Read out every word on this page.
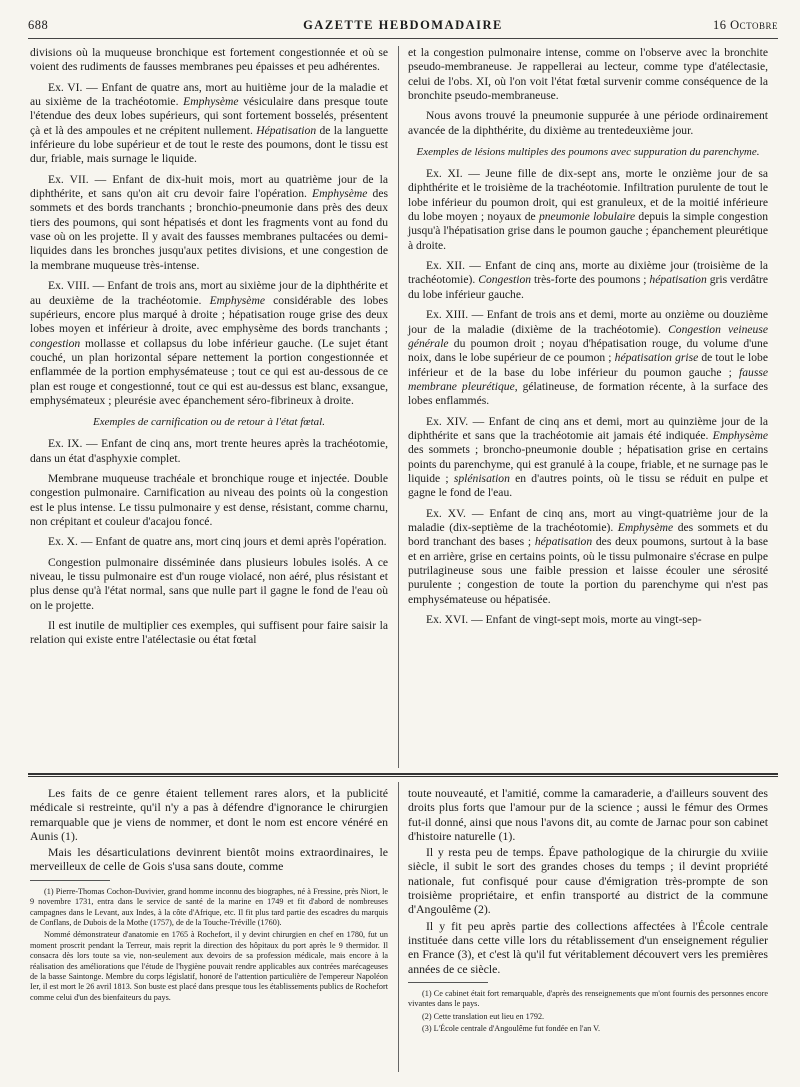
688	GAZETTE HEBDOMADAIRE	16 Octobre

divisions où la muqueuse bronchique est fortement congestionnée et où se voient des rudiments de fausses membranes peu épaisses et peu adhérentes.

Ex. VI. — Enfant de quatre ans, mort au huitième jour de la maladie et au sixième de la trachéotomie. Emphysème vésiculaire dans presque toute l'étendue des deux lobes supérieurs, qui sont fortement bosselés, présentent çà et là des ampoules et ne crépitent nullement. Hépatisation de la languette inférieure du lobe supérieur et de tout le reste des poumons, dont le tissu est dur, friable, mais surnage le liquide.

Ex. VII. — Enfant de dix-huit mois, mort au quatrième jour de la diphthérite, et sans qu'on ait cru devoir faire l'opération. Emphysème des sommets et des bords tranchants ; bronchio-pneumonie dans près des deux tiers des poumons, qui sont hépatisés et dont les fragments vont au fond du vase où on les projette. Il y avait des fausses membranes pultacées ou demi-liquides dans les bronches jusqu'aux petites divisions, et une congestion de la membrane muqueuse très-intense.

Ex. VIII. — Enfant de trois ans, mort au sixième jour de la diphthérite et au deuxième de la trachéotomie. Emphysème considérable des lobes supérieurs, encore plus marqué à droite ; hépatisation rouge grise des deux lobes moyen et inférieur à droite, avec emphysème des bords tranchants ; congestion mollasse et collapsus du lobe inférieur gauche. (Le sujet étant couché, un plan horizontal sépare nettement la portion congestionnée et enflammée de la portion emphysémateuse ; tout ce qui est au-dessous de ce plan est rouge et congestionné, tout ce qui est au-dessus est blanc, exsangue, emphysémateux ; pleurésie avec épanchement séro-fibrineux à droite.

Exemples de carnification ou de retour à l'état fœtal.

Ex. IX. — Enfant de cinq ans, mort trente heures après la trachéotomie, dans un état d'asphyxie complet.

Membrane muqueuse trachéale et bronchique rouge et injectée. Double congestion pulmonaire. Carnification au niveau des points où la congestion est le plus intense. Le tissu pulmonaire y est dense, résistant, comme charnu, non crépitant et couleur d'acajou foncé.

Ex. X. — Enfant de quatre ans, mort cinq jours et demi après l'opération.

Congestion pulmonaire disséminée dans plusieurs lobules isolés. A ce niveau, le tissu pulmonaire est d'un rouge violacé, non aéré, plus résistant et plus dense qu'à l'état normal, sans que nulle part il gagne le fond de l'eau où on le projette.

Il est inutile de multiplier ces exemples, qui suffisent pour faire saisir la relation qui existe entre l'atélectasie ou état fœtal

et la congestion pulmonaire intense, comme on l'observe avec la bronchite pseudo-membraneuse. Je rappellerai au lecteur, comme type d'atélectasie, celui de l'obs. XI, où l'on voit l'état fœtal survenir comme conséquence de la bronchite pseudo-membraneuse.

Nous avons trouvé la pneumonie suppurée à une période ordinairement avancée de la diphthérite, du dixième au trentedeuxième jour.

Exemples de lésions multiples des poumons avec suppuration du parenchyme.

Ex. XI. — Jeune fille de dix-sept ans, morte le onzième jour de sa diphthérite et le troisième de la trachéotomie. Infiltration purulente de tout le lobe inférieur du poumon droit, qui est granuleux, et de la moitié inférieure du lobe moyen ; noyaux de pneumonie lobulaire depuis la simple congestion jusqu'à l'hépatisation grise dans le poumon gauche ; épanchement pleurétique à droite.

Ex. XII. — Enfant de cinq ans, morte au dixième jour (troisième de la trachéotomie). Congestion très-forte des poumons ; hépatisation gris verdâtre du lobe inférieur gauche.

Ex. XIII. — Enfant de trois ans et demi, morte au onzième ou douzième jour de la maladie (dixième de la trachéotomie). Congestion veineuse générale du poumon droit ; noyau d'hépatisation rouge, du volume d'une noix, dans le lobe supérieur de ce poumon ; hépatisation grise de tout le lobe inférieur et de la base du lobe inférieur du poumon gauche ; fausse membrane pleurétique, gélatineuse, de formation récente, à la surface des lobes enflammés.

Ex. XIV. — Enfant de cinq ans et demi, mort au quinzième jour de la diphthérite et sans que la trachéotomie ait jamais été indiquée. Emphysème des sommets ; broncho-pneumonie double ; hépatisation grise en certains points du parenchyme, qui est granulé à la coupe, friable, et ne surnage pas le liquide ; splénisation en d'autres points, où le tissu se réduit en pulpe et gagne le fond de l'eau.

Ex. XV. — Enfant de cinq ans, mort au vingt-quatrième jour de la maladie (dix-septième de la trachéotomie). Emphysème des sommets et du bord tranchant des bases ; hépatisation des deux poumons, surtout à la base et en arrière, grise en certains points, où le tissu pulmonaire s'écrase en pulpe putrilagineuse sous une faible pression et laisse écouler une sérosité purulente ; congestion de toute la portion du parenchyme qui n'est pas emphysémateuse ou hépatisée.

Ex. XVI. — Enfant de vingt-sept mois, morte au vingt-sep-

Les faits de ce genre étaient tellement rares alors, et la publicité médicale si restreinte, qu'il n'y a pas à défendre d'ignorance le chirurgien remarquable que je viens de nommer, et dont le nom est encore vénéré en Aunis (1).

Mais les désarticulations devinrent bientôt moins extraordinaires, le merveilleux de celle de Gois s'usa sans doute, comme

(1) Pierre-Thomas Cochon-Duvivier, grand homme inconnu des biographes, né à Fressine, près Niort, le 9 novembre 1731, entra dans le service de santé de la marine en 1749 et fit d'abord de nombreuses campagnes dans le Levant, aux Indes, à la côte d'Afrique, etc. Il fit plus tard partie des escadres du marquis de Conflans, de Dubois de la Mothe (1757), de de la Touche-Tréville (1760).

Nommé démonstrateur d'anatomie en 1765 à Rochefort, il y devint chirurgien en chef en 1780, fut un moment proscrit pendant la Terreur, mais reprit la direction des hôpitaux du port après le 9 thermidor. Il consacra dès lors toute sa vie, non-seulement aux devoirs de sa profession médicale, mais encore à la réalisation des améliorations que l'étude de l'hygiène pouvait rendre applicables aux contrées marécageuses de la basse Saintonge. Membre du corps législatif, honoré de l'attention particulière de l'empereur Napoléon Ier, il est mort le 26 avril 1813. Son buste est placé dans presque tous les établissements publics de Rochefort comme celui d'un des bienfaiteurs du pays.

toute nouveauté, et l'amitié, comme la camaraderie, a d'ailleurs souvent des droits plus forts que l'amour pur de la science ; aussi le fémur des Ormes fut-il donné, ainsi que nous l'avons dit, au comte de Jarnac pour son cabinet d'histoire naturelle (1).

Il y resta peu de temps. Épave pathologique de la chirurgie du xviiie siècle, il subit le sort des grandes choses du temps ; il devint propriété nationale, fut confisqué pour cause d'émigration très-prompte de son troisième propriétaire, et enfin transporté au district de la commune d'Angoulême (2).

Il y fit peu après partie des collections affectées à l'École centrale instituée dans cette ville lors du rétablissement d'un enseignement régulier en France (3), et c'est là qu'il fut véritablement découvert vers les premières années de ce siècle.

(1) Ce cabinet était fort remarquable, d'après des renseignements que m'ont fournis des personnes encore vivantes dans le pays.

(2) Cette translation eut lieu en 1792.

(3) L'École centrale d'Angoulême fut fondée en l'an V.
